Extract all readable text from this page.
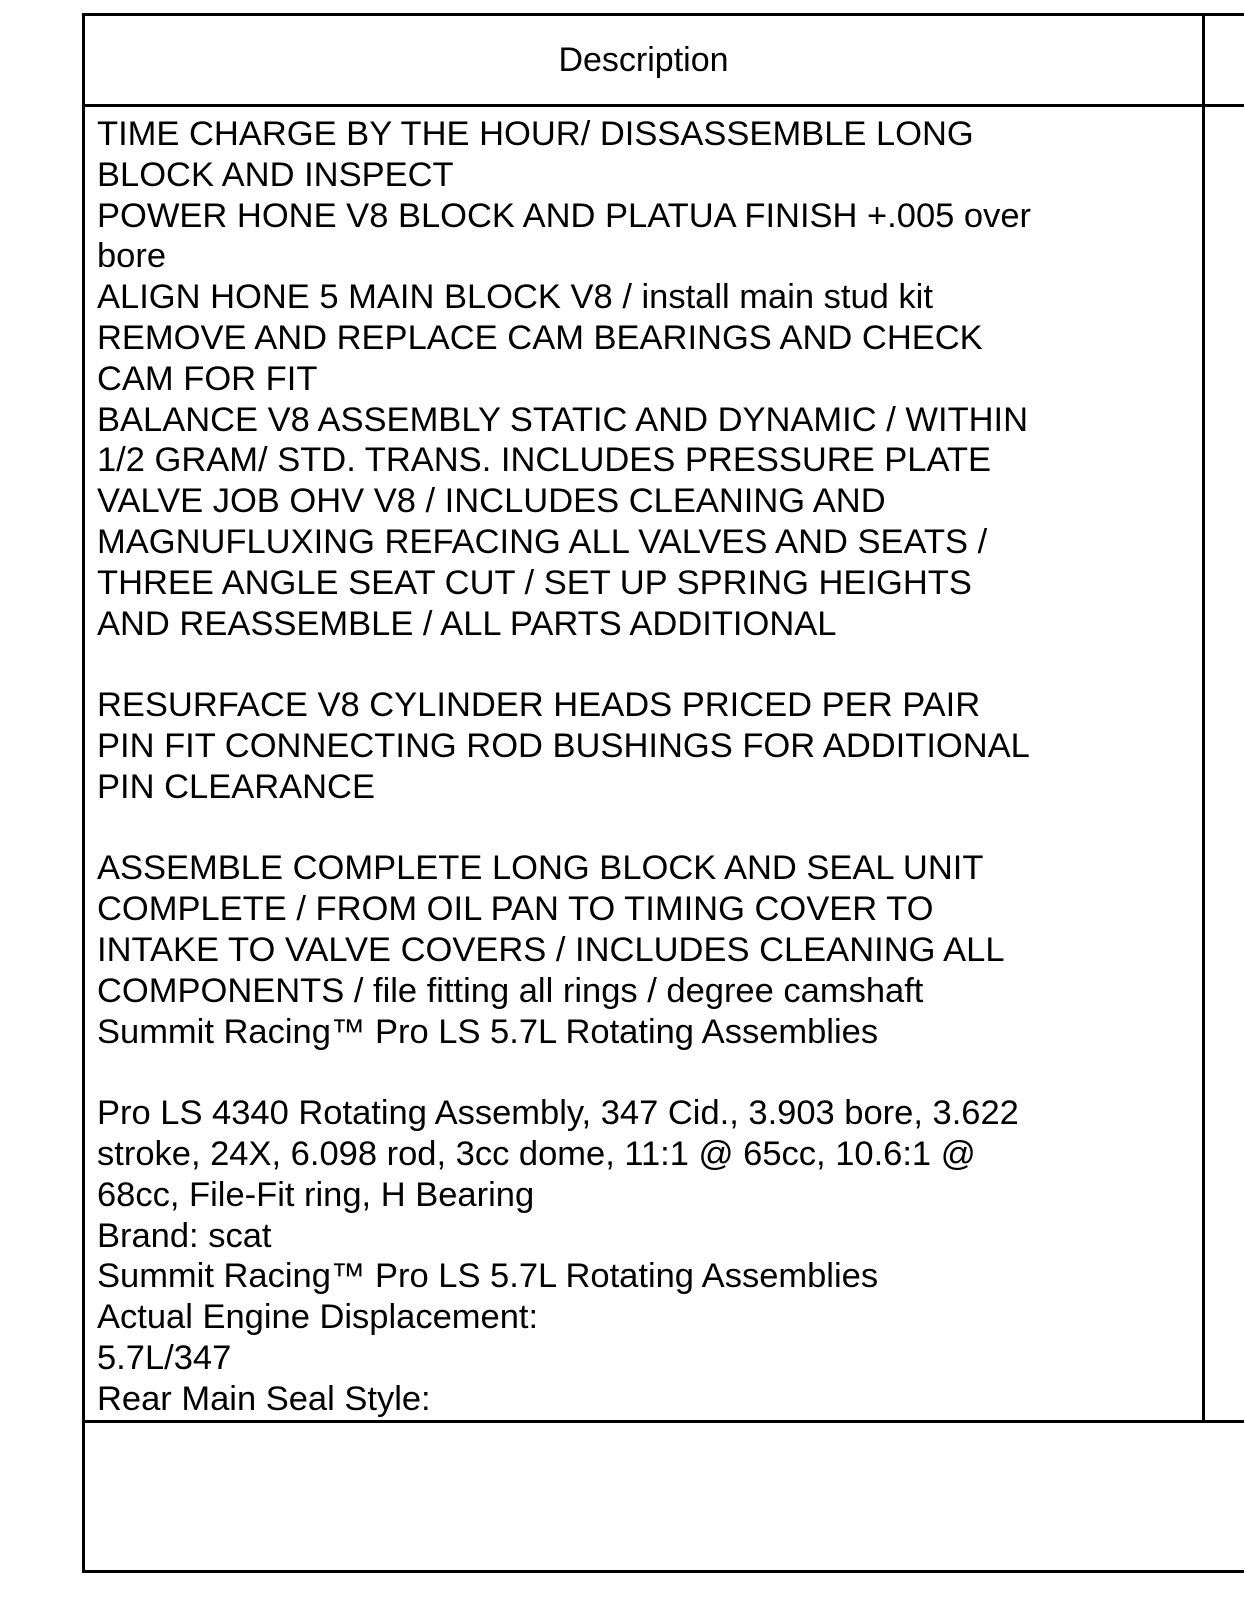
Description
TIME CHARGE BY THE HOUR/ DISSASSEMBLE LONG
BLOCK AND INSPECT
POWER HONE V8 BLOCK AND PLATUA FINISH +.005 over
bore
ALIGN HONE 5 MAIN BLOCK V8 / install main stud kit
REMOVE AND REPLACE CAM BEARINGS AND CHECK
CAM FOR FIT
BALANCE V8 ASSEMBLY STATIC AND DYNAMIC / WITHIN
1/2 GRAM/ STD. TRANS. INCLUDES PRESSURE PLATE
VALVE JOB OHV V8 / INCLUDES CLEANING AND
MAGNUFLUXING REFACING ALL VALVES AND SEATS /
THREE ANGLE SEAT CUT / SET UP SPRING HEIGHTS
AND REASSEMBLE / ALL PARTS ADDITIONAL
RESURFACE V8 CYLINDER HEADS PRICED PER PAIR
PIN FIT CONNECTING ROD BUSHINGS FOR ADDITIONAL
PIN CLEARANCE
ASSEMBLE COMPLETE LONG BLOCK AND SEAL UNIT
COMPLETE / FROM OIL PAN TO TIMING COVER TO
INTAKE TO VALVE COVERS / INCLUDES CLEANING ALL
COMPONENTS / file fitting all rings / degree camshaft
Summit Racing™ Pro LS 5.7L Rotating Assemblies
Pro LS 4340 Rotating Assembly, 347 Cid., 3.903 bore, 3.622
stroke, 24X, 6.098 rod, 3cc dome, 11:1 @ 65cc, 10.6:1 @
68cc, File-Fit ring, H Bearing
Brand: scat
Summit Racing™ Pro LS 5.7L Rotating Assemblies
Actual Engine Displacement:
5.7L/347
Rear Main Seal Style:
